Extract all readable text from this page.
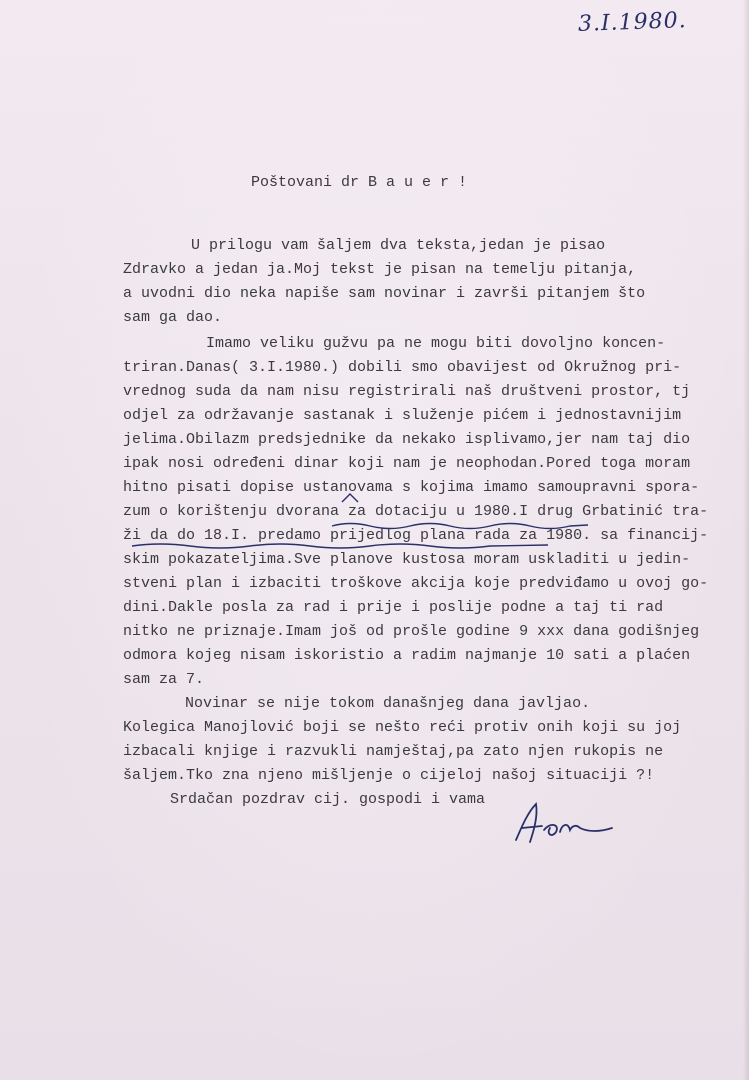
3.I.1980.
Poštovani dr B a u e r !
U prilogu vam šaljem dva teksta,jedan je pisao
Zdravko a jedan ja.Moj tekst je pisan na temelju pitanja,
a uvodni dio neka napiše sam novinar i završi pitanjem što
sam ga dao.
Imamo veliku gužvu pa ne mogu biti dovoljno koncen-
triran.Danas( 3.I.1980.) dobili smo obavijest od Okružnog pri-
vrednog suda da nam nisu registrirali naš društveni prostor, tj
odjel za održavanje sastanak i služenje pićem i jednostavnijim
jelima.Obilazm predsjednike da nekako isplivamo,jer nam taj dio
ipak nosi određeni dinar koji nam je neophodan.Pored toga moram
hitno pisati dopise ustanovama s kojima imamo samoupravni spora-
zum o korištenju dvorana za dotaciju u 1980.I drug Grbatinić tra-
ži da do 18.I. predamo prijedlog plana rada za 1980. sa financij-
skim pokazateljima.Sve planove kustosa moram uskladiti u jedin-
stveni plan i izbaciti troškove akcija koje predviđamo u ovoj go-
dini.Dakle posla za rad i prije i poslije podne a taj ti rad
nitko ne priznaje.Imam još od prošle godine 9 xxx dana godišnjeg
odmora kojeg nisam iskoristio a radim najmanje 10 sati a plaćen
sam za 7.
Novinar se nije tokom današnjeg dana javljao.
Kolegica Manojlović boji se nešto reći protiv onih koji su joj
izbacali knjige i razvukli namještaj,pa zato njen rukopis ne
šaljem.Tko zna njeno mišljenje o cijeloj našoj situaciji ?!
Srdačan pozdrav cij. gospodi i vama
